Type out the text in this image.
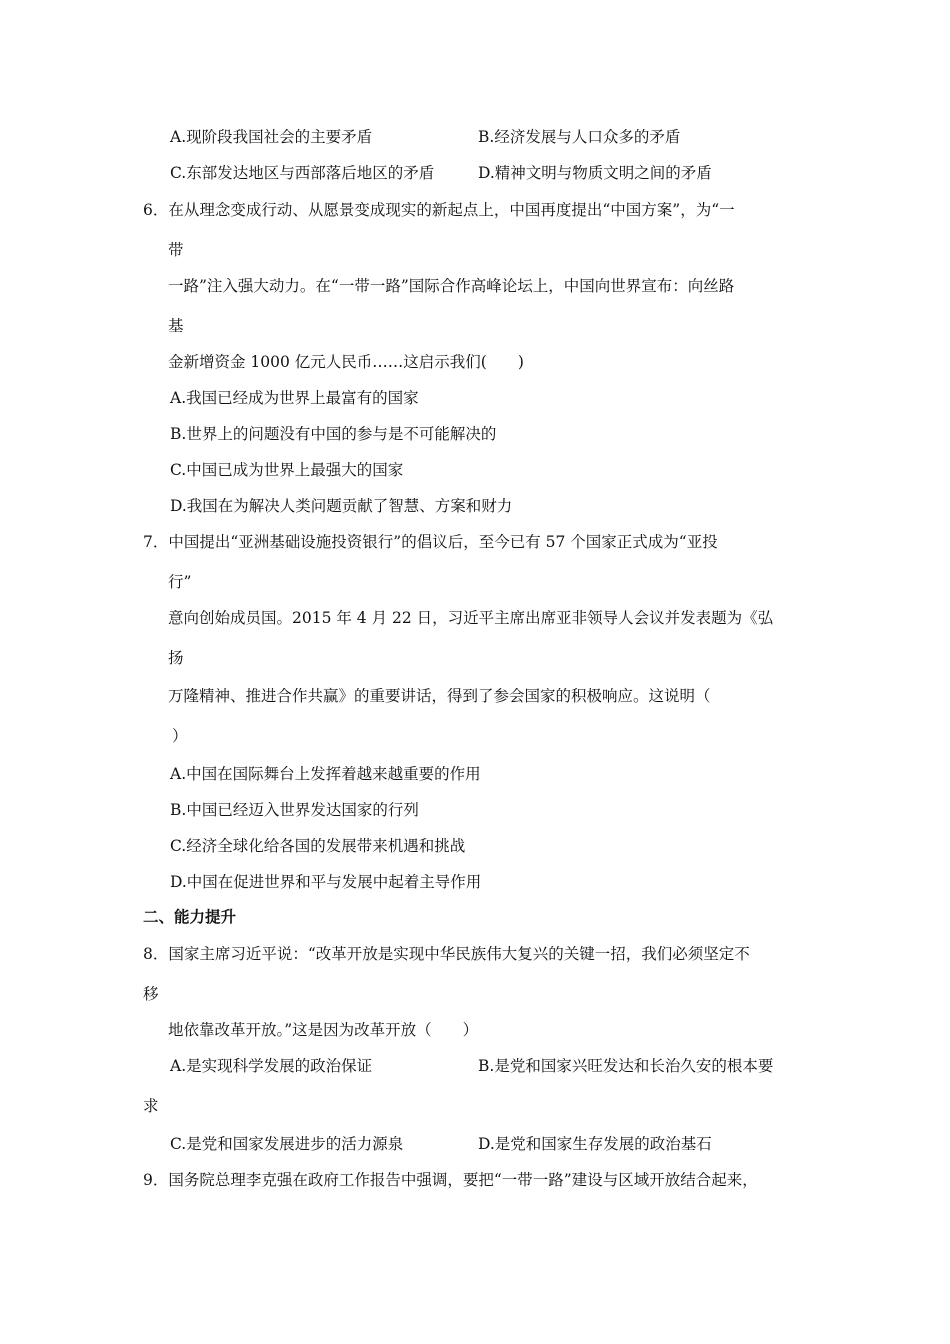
A.现阶段我国社会的主要矛盾	B.经济发展与人口众多的矛盾
C.东部发达地区与西部落后地区的矛盾	D.精神文明与物质文明之间的矛盾
6．在从理念变成行动、从愿景变成现实的新起点上，中国再度提出“中国方案”，为“一
带
一路”注入强大动力。在“一带一路”国际合作高峰论坛上，中国向世界宣布：向丝路
基
金新增资金 1000 亿元人民币……这启示我们(　　)
A.我国已经成为世界上最富有的国家
B.世界上的问题没有中国的参与是不可能解决的
C.中国已成为世界上最强大的国家
D.我国在为解决人类问题贡献了智慧、方案和财力
7．中国提出“亚洲基础设施投资银行”的倡议后，至今已有 57 个国家正式成为“亚投
行”
意向创始成员国。2015 年 4 月 22 日，习近平主席出席亚非领导人会议并发表题为《弘
扬
万隆精神、推进合作共赢》的重要讲话，得到了参会国家的积极响应。这说明（
）
A.中国在国际舞台上发挥着越来越重要的作用
B.中国已经迈入世界发达国家的行列
C.经济全球化给各国的发展带来机遇和挑战
D.中国在促进世界和平与发展中起着主导作用
二、能力提升
8．国家主席习近平说：“改革开放是实现中华民族伟大复兴的关键一招，我们必须坚定不
移
地依靠改革开放。”这是因为改革开放（　　）
A.是实现科学发展的政治保证	B.是党和国家兴旺发达和长治久安的根本要
求
C.是党和国家发展进步的活力源泉	D.是党和国家生存发展的政治基石
9．国务院总理李克强在政府工作报告中强调，要把“一带一路”建设与区域开放结合起来，
